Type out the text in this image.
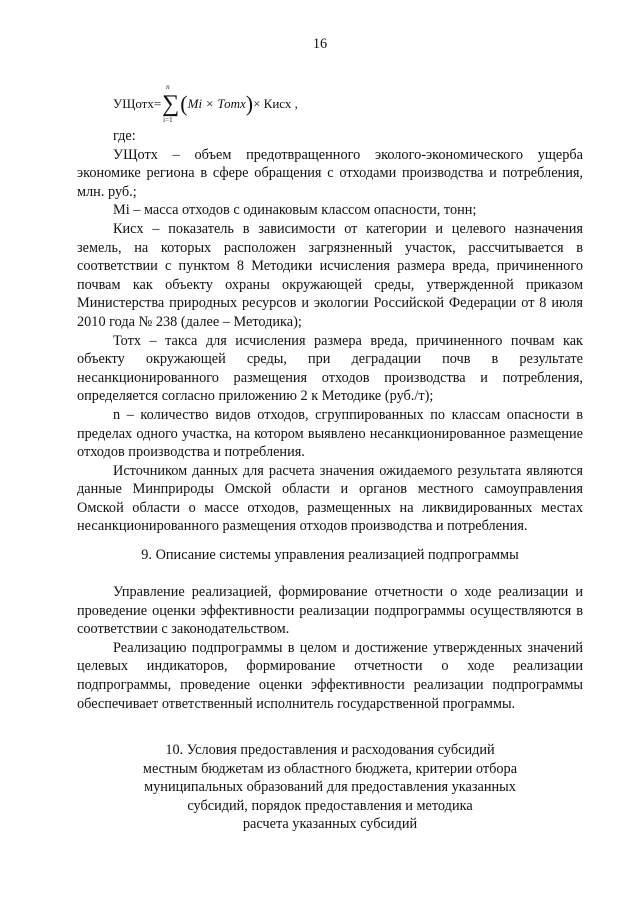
16
УЩотх= ∑
n
i=1
( Mi × Тотх ) × Кисх ,

где:

УЩотх – объем предотвращенного эколого-экономического ущерба экономике региона в сфере обращения с отходами производства и потребления, млн. руб.;

Mi – масса отходов с одинаковым классом опасности, тонн;

Кисх – показатель в зависимости от категории и целевого назначения земель, на которых расположен загрязненный участок, рассчитывается в соответствии с пунктом 8 Методики исчисления размера вреда, причиненного почвам как объекту охраны окружающей среды, утвержденной приказом Министерства природных ресурсов и экологии Российской Федерации от 8 июля 2010 года № 238 (далее – Методика);

Тотх – такса для исчисления размера вреда, причиненного почвам как объекту окружающей среды, при деградации почв в результате несанкционированного размещения отходов производства и потребления, определяется согласно приложению 2 к Методике (руб./т);

n – количество видов отходов, сгруппированных по классам опасности в пределах одного участка, на котором выявлено несанкционированное размещение отходов производства и потребления.

Источником данных для расчета значения ожидаемого результата являются данные Минприроды Омской области и органов местного самоуправления Омской области о массе отходов, размещенных на ликвидированных местах несанкционированного размещения отходов производства и потребления.

9. Описание системы управления реализацией подпрограммы

Управление реализацией, формирование отчетности о ходе реализации и проведение оценки эффективности реализации подпрограммы осуществляются в соответствии с законодательством.

Реализацию подпрограммы в целом и достижение утвержденных значений целевых индикаторов, формирование отчетности о ходе реализации подпрограммы, проведение оценки эффективности реализации подпрограммы обеспечивает ответственный исполнитель государственной программы.

10. Условия предоставления и расходования субсидий

местным бюджетам из областного бюджета, критерии отбора

муниципальных образований для предоставления указанных

субсидий, порядок предоставления и методика

расчета указанных субсидий
